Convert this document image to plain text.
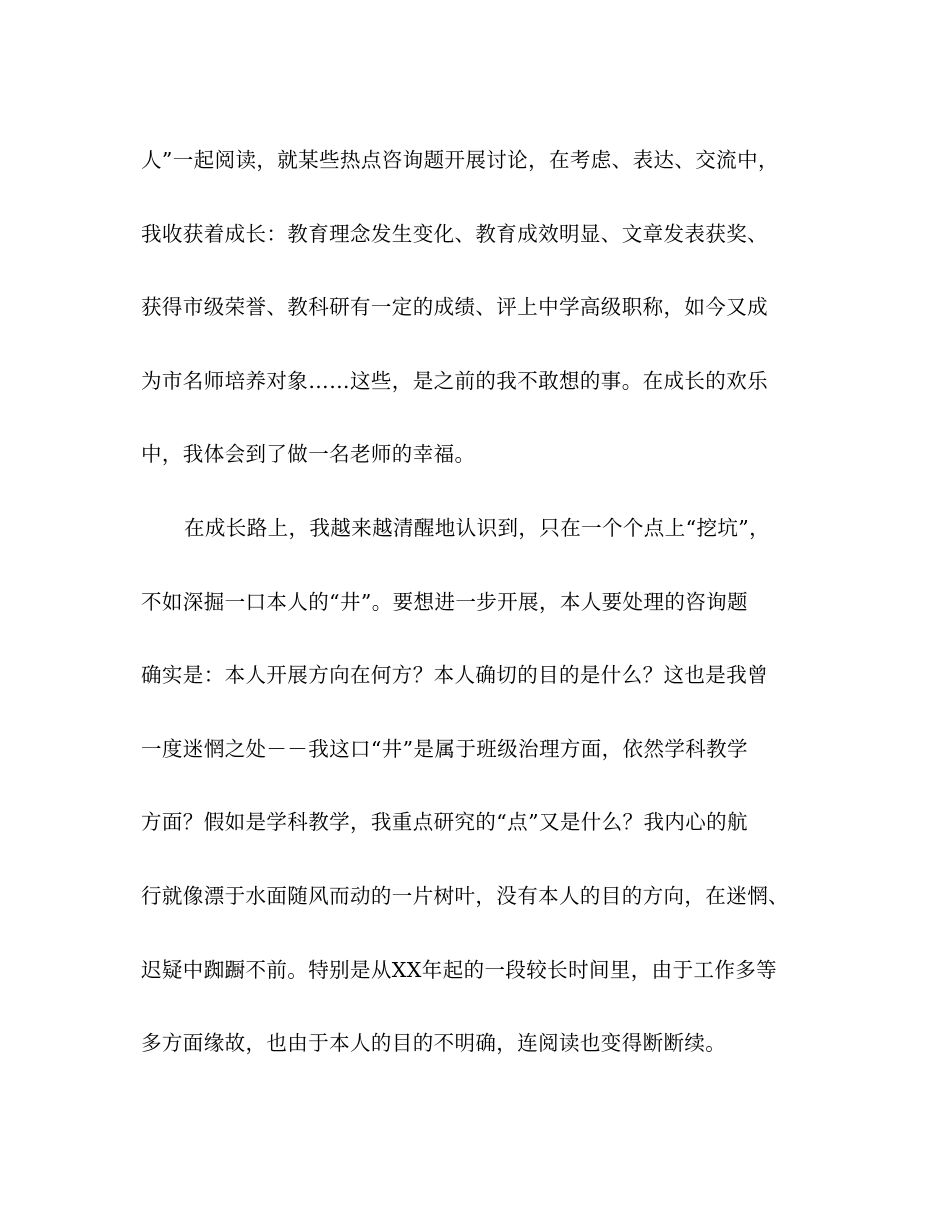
人”一起阅读，就某些热点咨询题开展讨论，在考虑、表达、交流中，
我收获着成长：教育理念发生变化、教育成效明显、文章发表获奖、
获得市级荣誉、教科研有一定的成绩、评上中学高级职称，如今又成
为市名师培养对象……这些，是之前的我不敢想的事。在成长的欢乐
中，我体会到了做一名老师的幸福。
在成长路上，我越来越清醒地认识到，只在一个个点上“挖坑”，
不如深掘一口本人的“井”。要想进一步开展，本人要处理的咨询题
确实是：本人开展方向在何方？本人确切的目的是什么？这也是我曾
一度迷惘之处－－我这口“井”是属于班级治理方面，依然学科教学
方面？假如是学科教学，我重点研究的“点”又是什么？我内心的航
行就像漂于水面随风而动的一片树叶，没有本人的目的方向，在迷惘、
迟疑中踟蹰不前。特别是从XX年起的一段较长时间里，由于工作多等
多方面缘故，也由于本人的目的不明确，连阅读也变得断断续。
